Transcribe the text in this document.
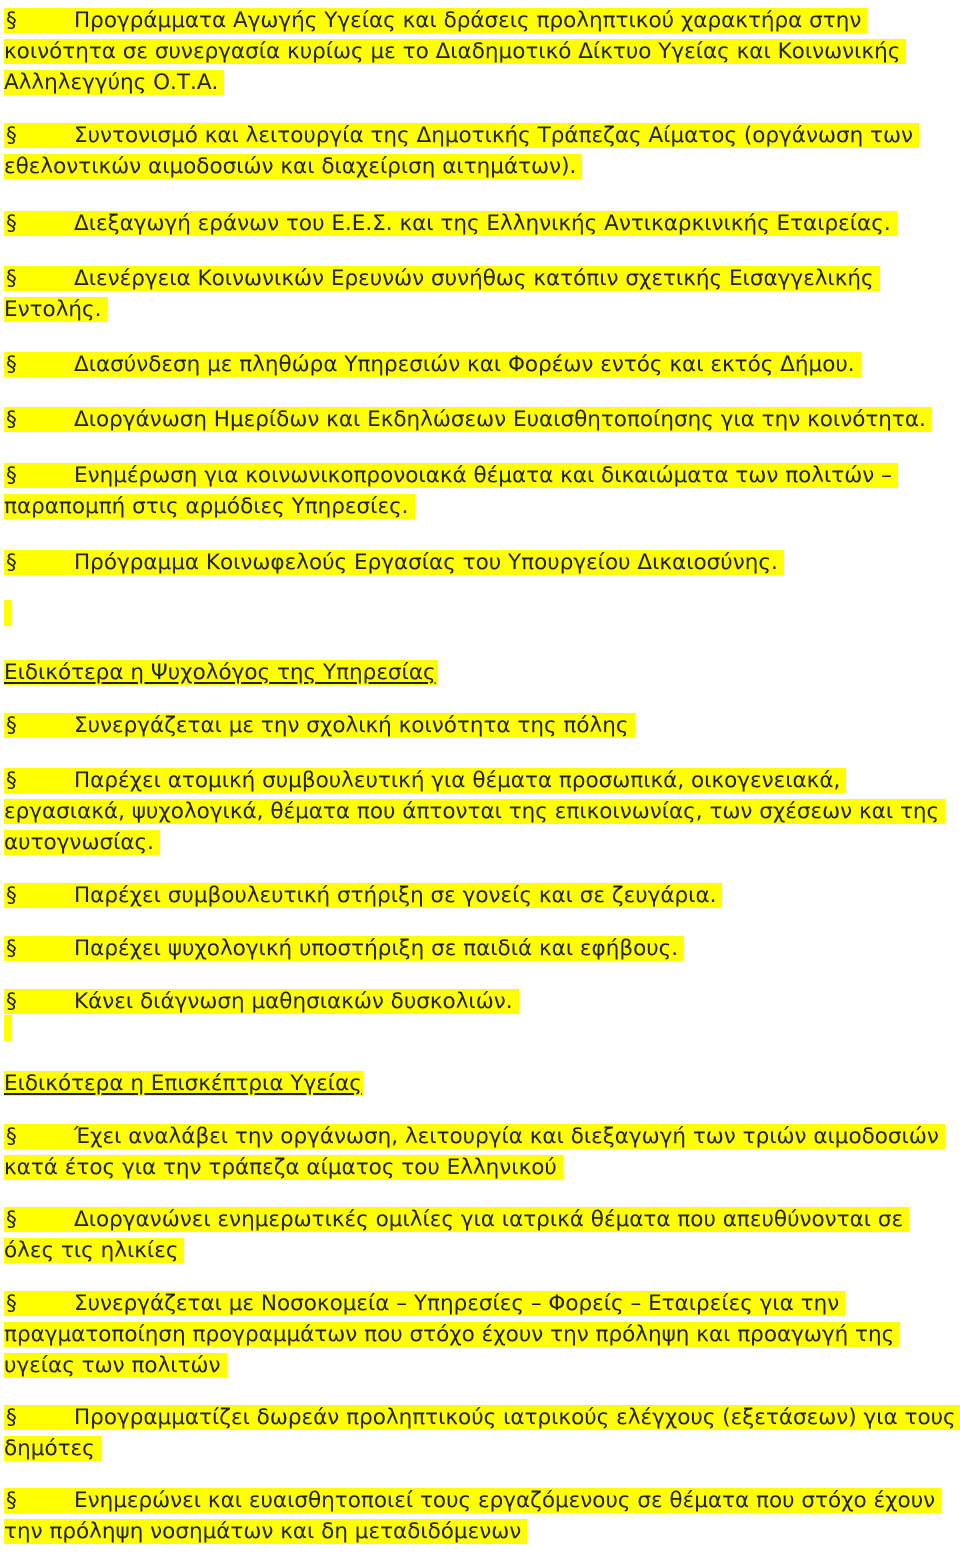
§	Προγράμματα Αγωγής Υγείας και δράσεις προληπτικού χαρακτήρα στην κοινότητα σε συνεργασία κυρίως με το Διαδημοτικό Δίκτυο Υγείας και Κοινωνικής Αλληλεγγύης Ο.Τ.Α.
§	Συντονισμό και λειτουργία της Δημοτικής Τράπεζας Αίματος (οργάνωση των εθελοντικών αιμοδοσιών και διαχείριση αιτημάτων).
§	Διεξαγωγή εράνων του Ε.Ε.Σ. και της Ελληνικής Αντικαρκινικής Εταιρείας.
§	Διενέργεια Κοινωνικών Ερευνών συνήθως κατόπιν σχετικής Εισαγγελικής Εντολής.
§	Διασύνδεση με πληθώρα Υπηρεσιών και Φορέων εντός και εκτός Δήμου.
§	Διοργάνωση Ημερίδων και Εκδηλώσεων Ευαισθητοποίησης για την κοινότητα.
§	Ενημέρωση για κοινωνικοπρονοιακά θέματα και δικαιώματα των πολιτών – παραπομπή στις αρμόδιες Υπηρεσίες.
§	Πρόγραμμα Κοινωφελούς Εργασίας του Υπουργείου Δικαιοσύνης.
Ειδικότερα η Ψυχολόγος της Υπηρεσίας
§	Συνεργάζεται με την σχολική κοινότητα της πόλης
§	Παρέχει ατομική συμβουλευτική για θέματα προσωπικά, οικογενειακά, εργασιακά, ψυχολογικά, θέματα που άπτονται της επικοινωνίας, των σχέσεων και της αυτογνωσίας.
§	Παρέχει συμβουλευτική στήριξη σε γονείς και σε ζευγάρια.
§	Παρέχει ψυχολογική υποστήριξη σε παιδιά και εφήβους.
§	Κάνει διάγνωση μαθησιακών δυσκολιών.
Ειδικότερα η Επισκέπτρια Υγείας
§	Έχει αναλάβει την οργάνωση, λειτουργία και διεξαγωγή των τριών αιμοδοσιών κατά έτος για την τράπεζα αίματος του Ελληνικού
§	Διοργανώνει ενημερωτικές ομιλίες για ιατρικά θέματα που απευθύνονται σε όλες τις ηλικίες
§	Συνεργάζεται με Νοσοκομεία – Υπηρεσίες – Φορείς – Εταιρείες για την πραγματοποίηση προγραμμάτων που στόχο έχουν την πρόληψη και προαγωγή της υγείας των πολιτών
§	Προγραμματίζει δωρεάν προληπτικούς ιατρικούς ελέγχους (εξετάσεων) για τους δημότες
§	Ενημερώνει και ευαισθητοποιεί τους εργαζόμενους σε θέματα που στόχο έχουν την πρόληψη νοσημάτων και δη μεταδιδόμενων
